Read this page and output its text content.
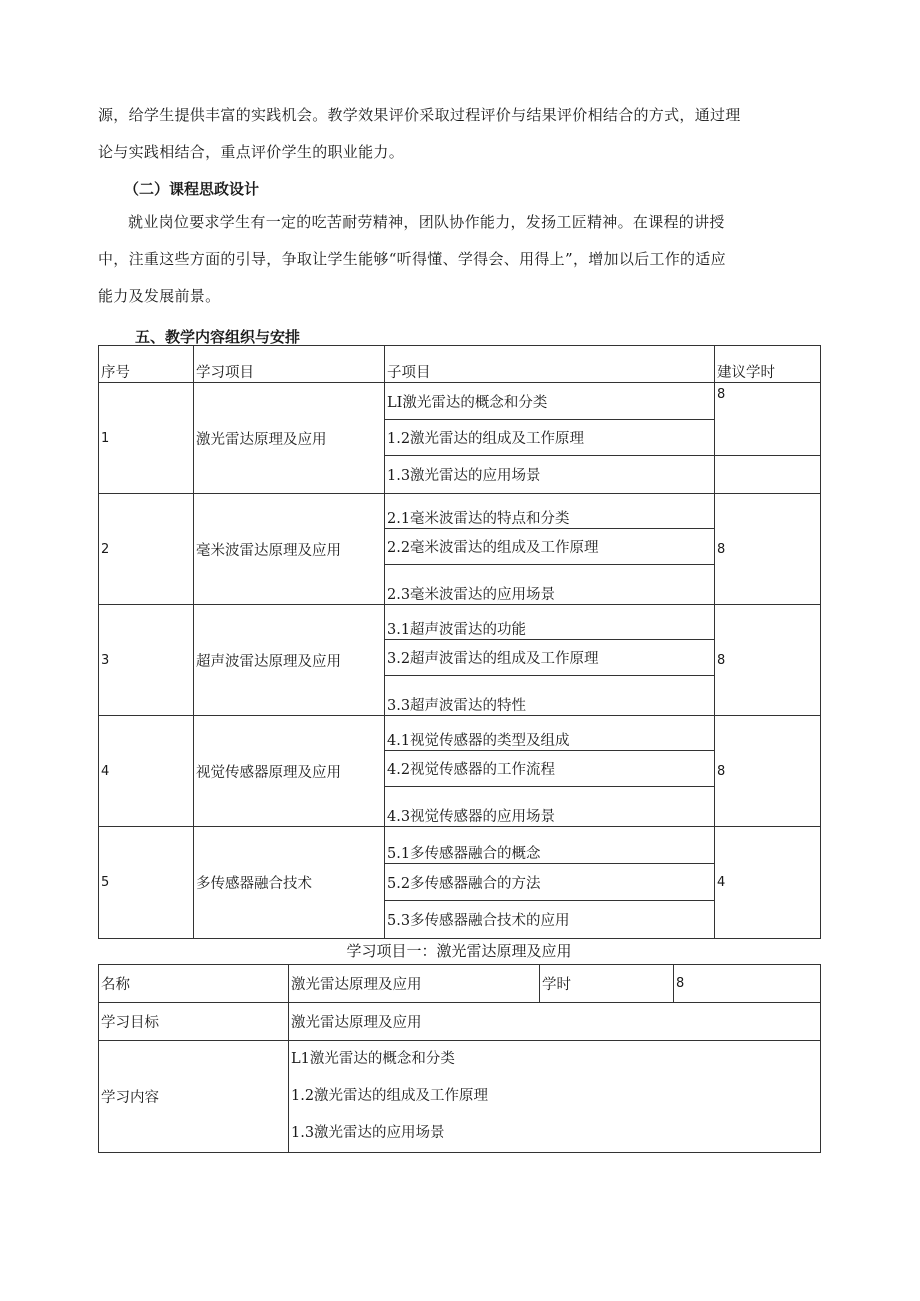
源，给学生提供丰富的实践机会。教学效果评价采取过程评价与结果评价相结合的方式，通过理

论与实践相结合，重点评价学生的职业能力。

（二）课程思政设计

就业岗位要求学生有一定的吃苦耐劳精神，团队协作能力，发扬工匠精神。在课程的讲授

中，注重这些方面的引导，争取让学生能够“听得懂、学得会、用得上”，增加以后工作的适应

能力及发展前景。

五、教学内容组织与安排

序号	学习项目	子项目	建议学时
1	激光雷达原理及应用	LI激光雷达的概念和分类	8
		1.2激光雷达的组成及工作原理	
		1.3激光雷达的应用场景	
2	毫米波雷达原理及应用	2.1毫米波雷达的特点和分类	8
		2.2毫米波雷达的组成及工作原理	
		2.3毫米波雷达的应用场景	
3	超声波雷达原理及应用	3.1超声波雷达的功能	8
		3.2超声波雷达的组成及工作原理	
		3.3超声波雷达的特性	
4	视觉传感器原理及应用	4.1视觉传感器的类型及组成	8
		4.2视觉传感器的工作流程	
		4.3视觉传感器的应用场景	
5	多传感器融合技术	5.1多传感器融合的概念	4
		5.2多传感器融合的方法	
		5.3多传感器融合技术的应用	

学习项目一：激光雷达原理及应用

名称	激光雷达原理及应用	学时	8
学习目标	激光雷达原理及应用		
学习内容	L1激光雷达的概念和分类
1.2激光雷达的组成及工作原理
1.3激光雷达的应用场景		
